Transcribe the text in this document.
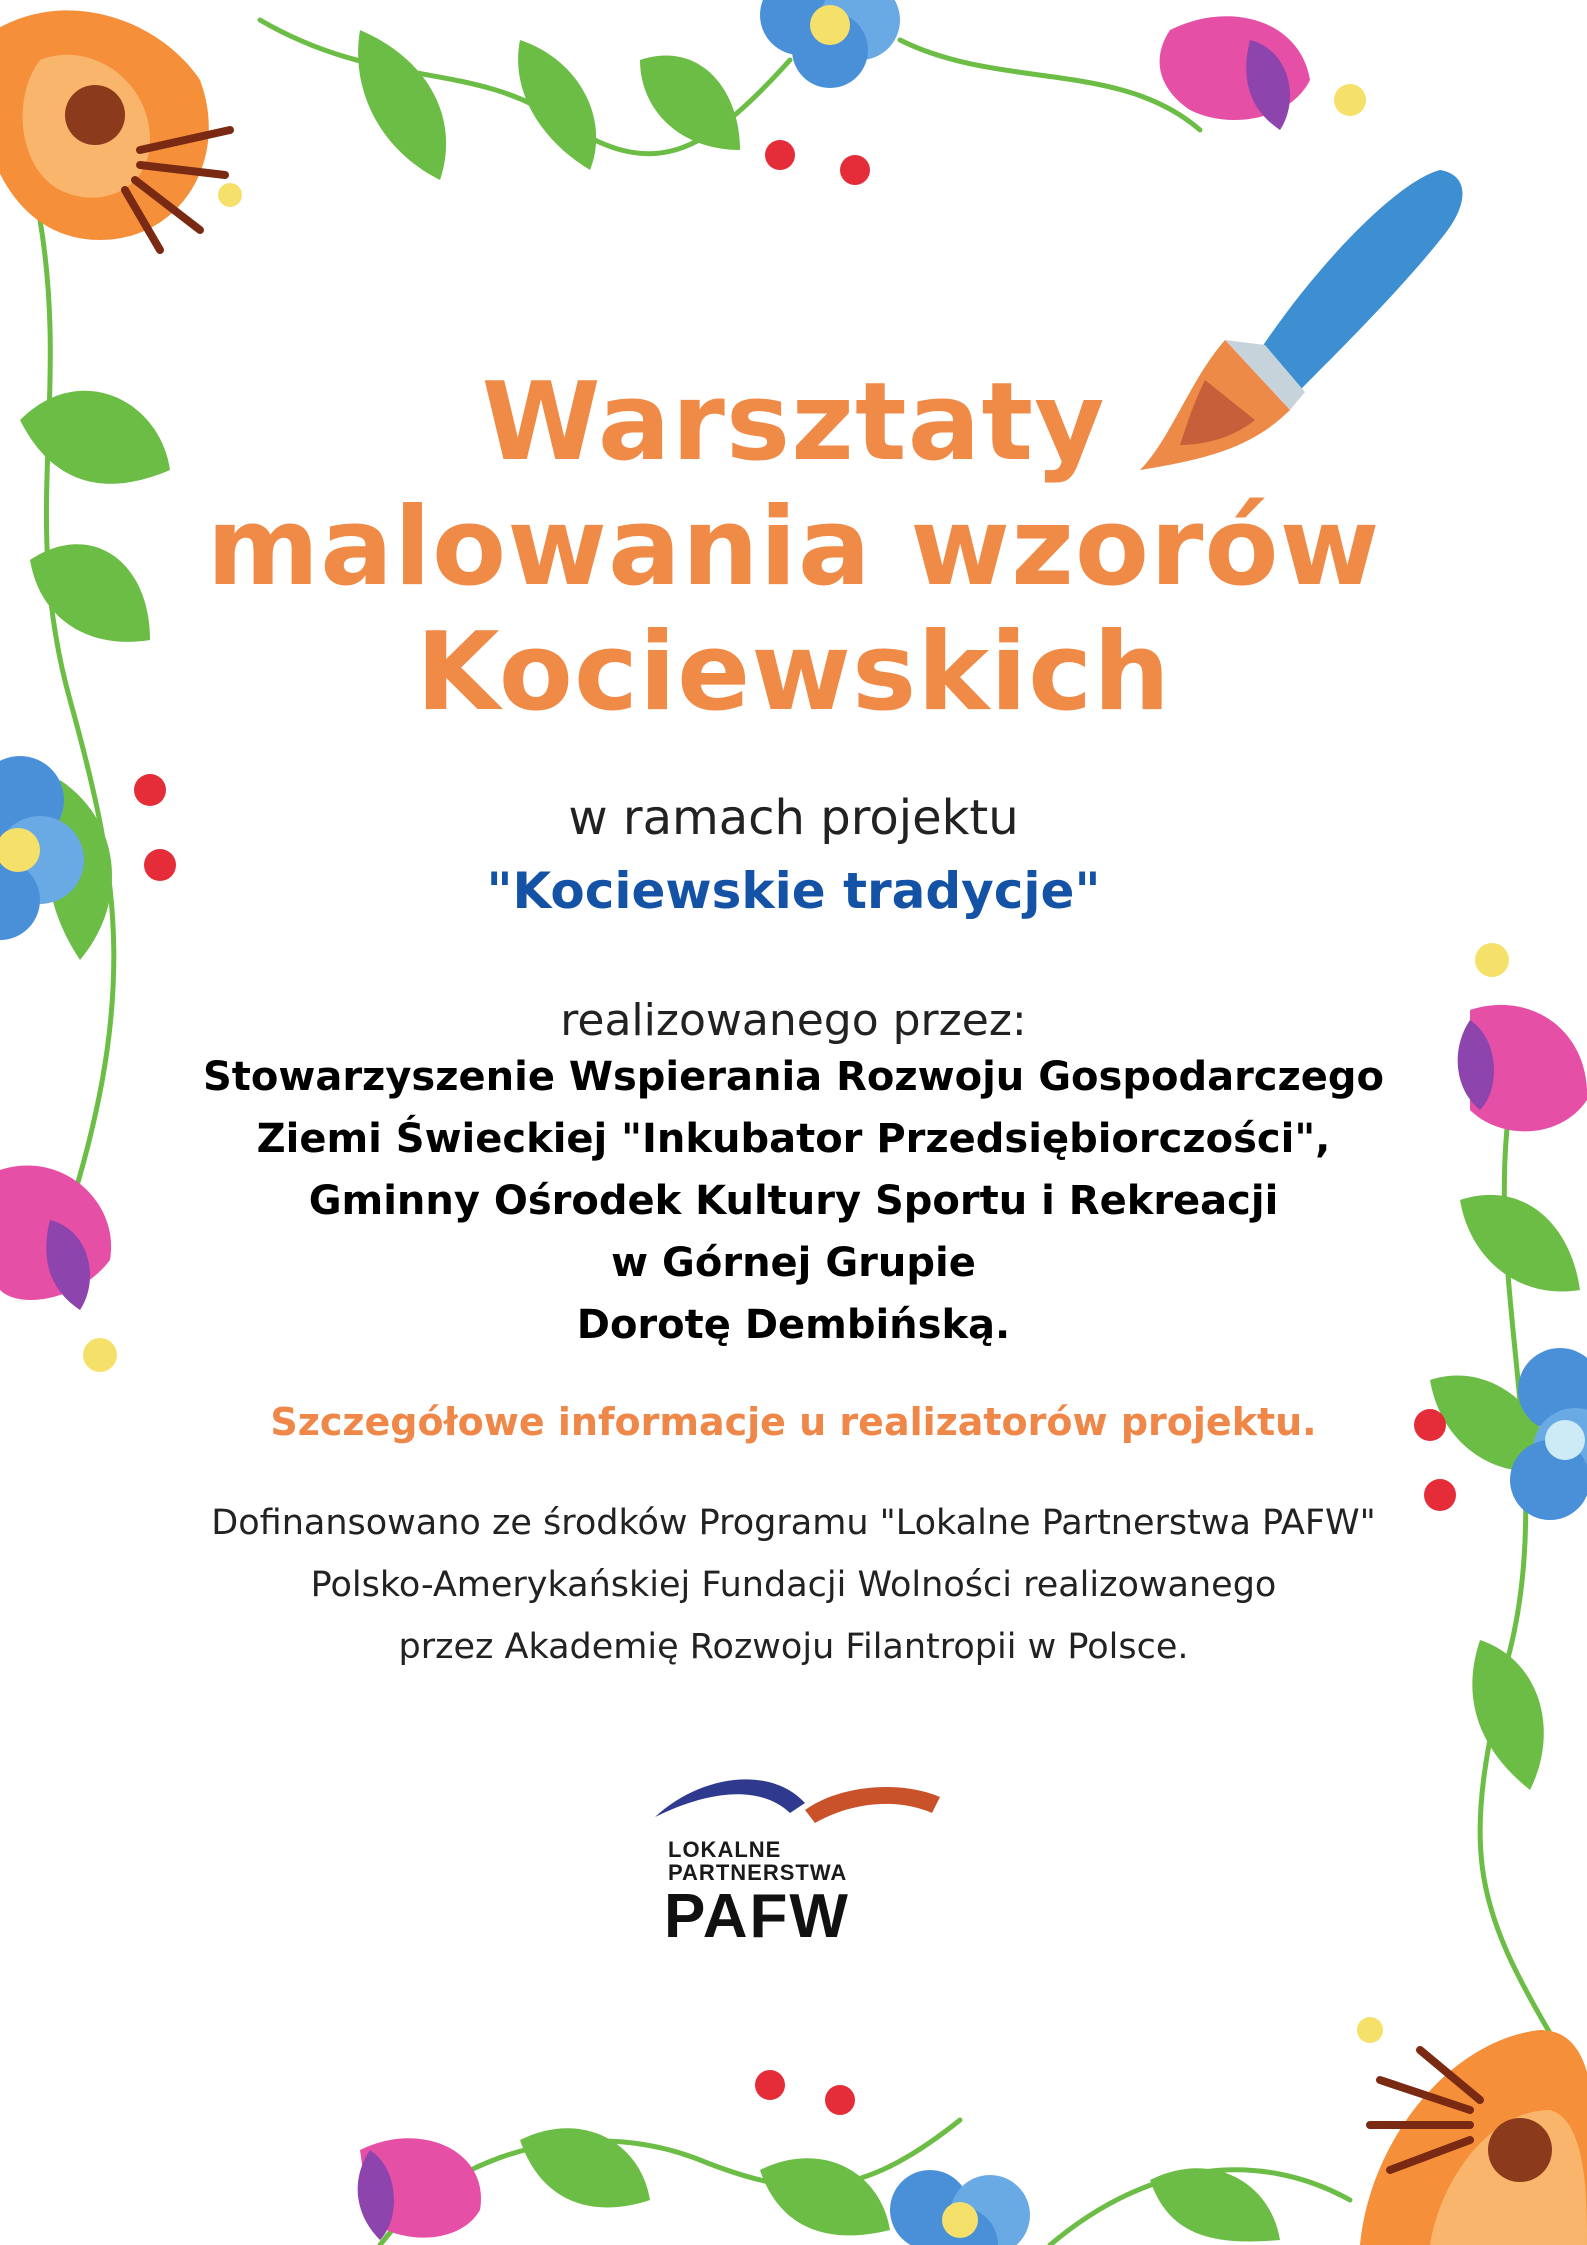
Warsztaty
malowania wzorów
Kociewskich
w ramach projektu
"Kociewskie tradycje"
realizowanego przez:
Stowarzyszenie Wspierania Rozwoju Gospodarczego
Ziemi Świeckiej "Inkubator Przedsiębiorczości",
Gminny Ośrodek Kultury Sportu i Rekreacji
w Górnej Grupie
Dorotę Dembińską.
Szczegółowe informacje u realizatorów projektu.
Dofinansowano ze środków Programu "Lokalne Partnerstwa PAFW"
Polsko-Amerykańskiej Fundacji Wolności realizowanego
przez Akademię Rozwoju Filantropii w Polsce.
LOKALNE
PARTNERSTWA
PAFW
